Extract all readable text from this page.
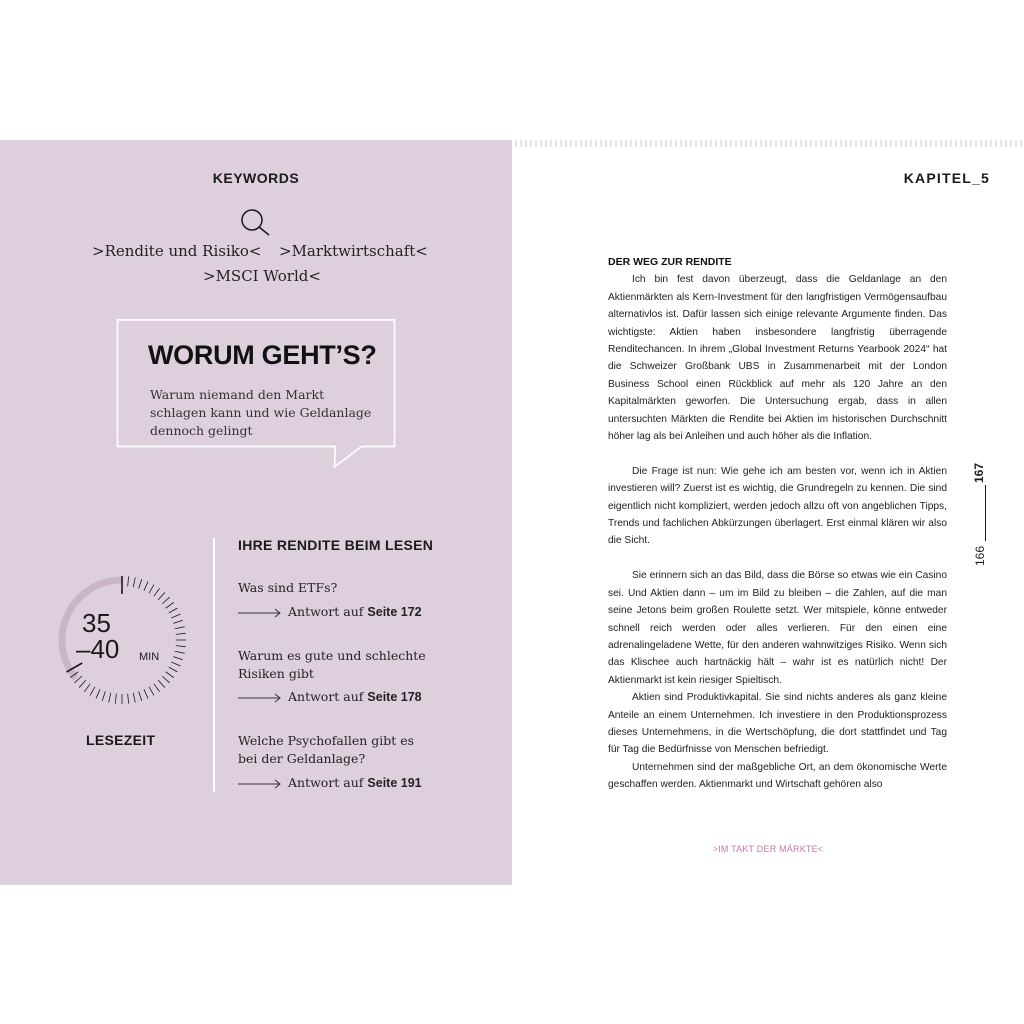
KEYWORDS
>Rendite und Risiko< >Marktwirtschaft<
>MSCI World<
WORUM GEHT’S?
Warum niemand den Markt schlagen kann und wie Geldanlage dennoch gelingt
35
–40 MIN
LESEZEIT
IHRE RENDITE BEIM LESEN
Was sind ETFs?
Antwort auf Seite 172
Warum es gute und schlechte Risiken gibt
Antwort auf Seite 178
Welche Psychofallen gibt es bei der Geldanlage?
Antwort auf Seite 191
KAPITEL_5
DER WEG ZUR RENDITE

Ich bin fest davon überzeugt, dass die Geldanlage an den Aktienmärkten als Kern-Investment für den langfristigen Vermögensaufbau alternativlos ist. Dafür lassen sich einige relevante Argumente finden. Das wichtigste: Aktien haben insbesondere langfristig überragende Renditechancen. In ihrem „Global Investment Returns Yearbook 2024“ hat die Schweizer Großbank UBS in Zusammenarbeit mit der London Business School einen Rückblick auf mehr als 120 Jahre an den Kapitalmärkten geworfen. Die Untersuchung ergab, dass in allen untersuchten Märkten die Rendite bei Aktien im historischen Durchschnitt höher lag als bei Anleihen und auch höher als die Inflation.

Die Frage ist nun: Wie gehe ich am besten vor, wenn ich in Aktien investieren will? Zuerst ist es wichtig, die Grundregeln zu kennen. Die sind eigentlich nicht kompliziert, werden jedoch allzu oft von angeblichen Tipps, Trends und fachlichen Abkürzungen überlagert. Erst einmal klären wir also die Sicht.

Sie erinnern sich an das Bild, dass die Börse so etwas wie ein Casino sei. Und Aktien dann – um im Bild zu bleiben – die Zahlen, auf die man seine Jetons beim großen Roulette setzt. Wer mitspiele, könne entweder schnell reich werden oder alles verlieren. Für den einen eine adrenalingeladene Wette, für den anderen wahnwitziges Risiko. Wenn sich das Klischee auch hartnäckig hält – wahr ist es natürlich nicht! Der Aktienmarkt ist kein riesiger Spieltisch.

Aktien sind Produktivkapital. Sie sind nichts anderes als ganz kleine Anteile an einem Unternehmen. Ich investiere in den Produktionsprozess dieses Unternehmens, in die Wertschöpfung, die dort stattfindet und Tag für Tag die Bedürfnisse von Menschen befriedigt.

Unternehmen sind der maßgebliche Ort, an dem ökonomische Werte geschaffen werden. Aktienmarkt und Wirtschaft gehören also

167
166
>IM TAKT DER MÄRKTE<
